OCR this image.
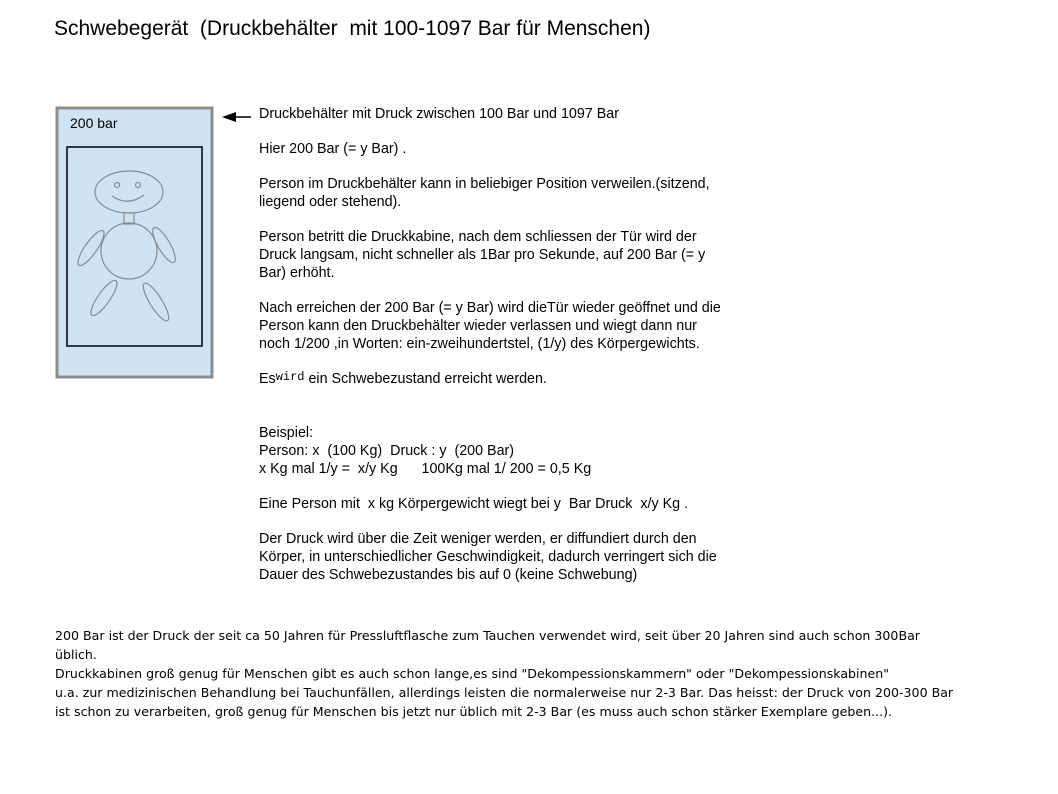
Schwebegerät  (Druckbehälter  mit 100-1097 Bar für Menschen)
200 bar

Druckbehälter mit Druck zwischen 100 Bar und 1097 Bar

Hier 200 Bar (= y Bar) .

Person im Druckbehälter kann in beliebiger Position verweilen.(sitzend,
liegend oder stehend).

Person betritt die Druckkabine, nach dem schliessen der Tür wird der
Druck langsam, nicht schneller als 1Bar pro Sekunde, auf 200 Bar (= y
Bar) erhöht.

Nach erreichen der 200 Bar (= y Bar) wird dieTür wieder geöffnet und die
Person kann den Druckbehälter wieder verlassen und wiegt dann nur
noch 1/200 ,in Worten: ein-zweihundertstel, (1/y) des Körpergewichts.

$Es^{wird}$ ein Schwebezustand erreicht werden.

Beispiel:

Person: x  (100 Kg)  Druck : y  (200 Bar)

x Kg mal 1/y =  x/y Kg      100Kg mal 1/ 200 = 0,5 Kg

Eine Person mit  x kg Körpergewicht wiegt bei y  Bar Druck  x/y Kg .

Der Druck wird über die Zeit weniger werden, er diffundiert durch den
Körper, in unterschiedlicher Geschwindigkeit, dadurch verringert sich die
Dauer des Schwebezustandes bis auf 0 (keine Schwebung)

200 Bar ist der Druck der seit ca 50 Jahren für Pressluftflasche zum Tauchen verwendet wird, seit über 20 Jahren sind auch schon 300Bar üblich.

Druckkabinen groß genug für Menschen gibt es auch schon lange,es sind "Dekompessionskammern" oder "Dekompessionskabinen"

u.a. zur medizinischen Behandlung bei Tauchunfällen, allerdings leisten die normalerweise nur 2-3 Bar. Das heisst: der Druck von 200-300 Bar ist schon zu verarbeiten, groß genug für Menschen bis jetzt nur üblich mit 2-3 Bar (es muss auch schon stärker Exemplare geben...).
